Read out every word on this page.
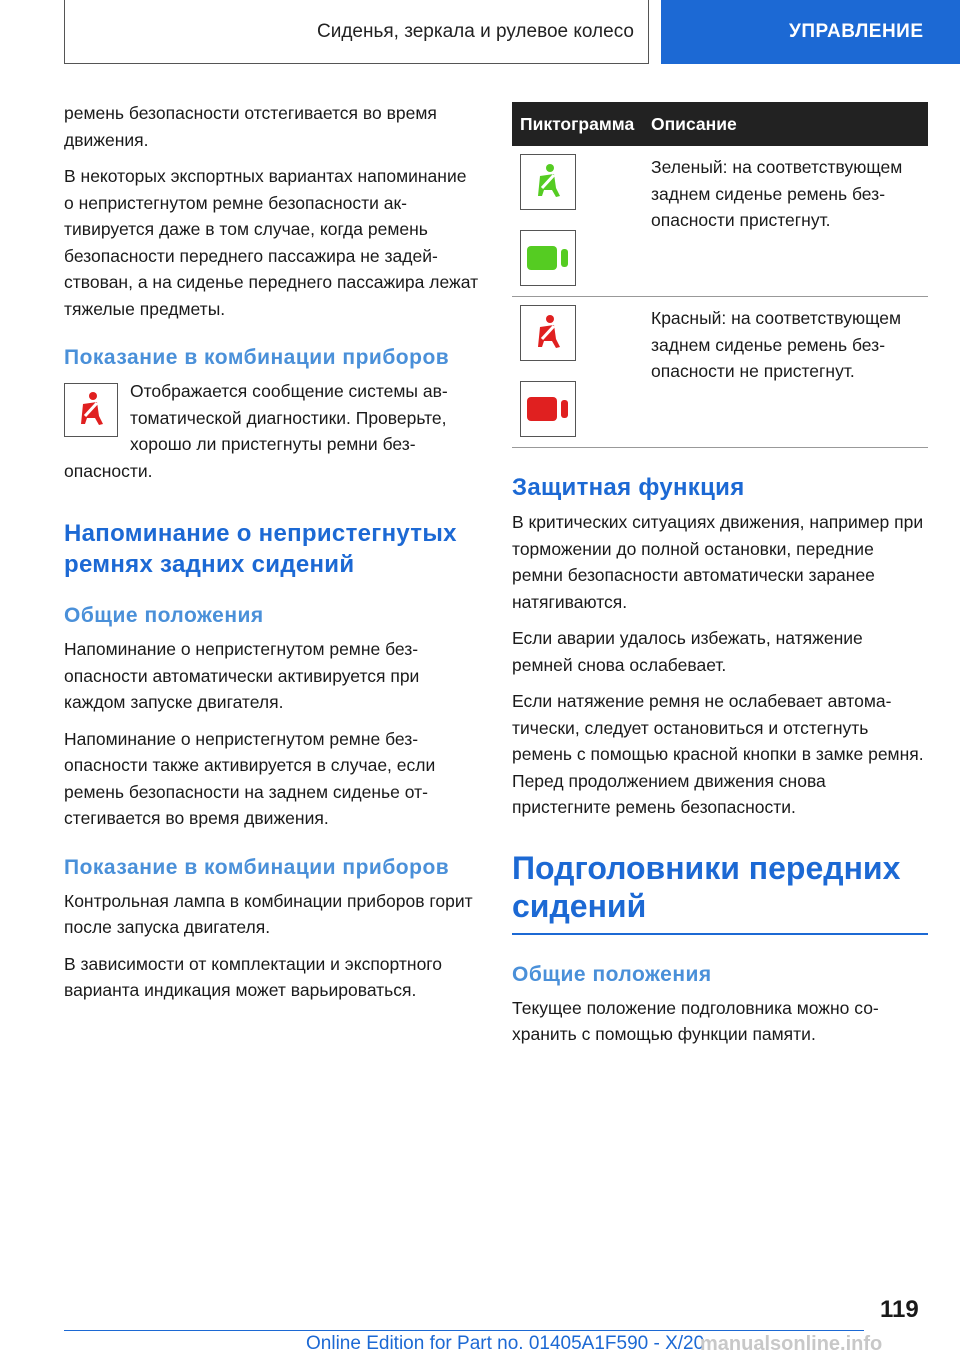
Сиденья, зеркала и рулевое колесо	УПРАВЛЕНИЕ

ремень безопасности отстегивается во время движения.

В некоторых экспортных вариантах напоминание о непристегнутом ремне безопасности активируется даже в том случае, когда ремень безопасности переднего пассажира не задействован, а на сиденье переднего пассажира лежат тяжелые предметы.

Показание в комбинации приборов

Отображается сообщение системы автоматической диагностики. Проверьте, хорошо ли пристегнуты ремни безопасности.

Напоминание о непристегнутых ремнях задних сидений
Общие положения

Напоминание о непристегнутом ремне безопасности автоматически активируется при каждом запуске двигателя.

Напоминание о непристегнутом ремне безопасности также активируется в случае, если ремень безопасности на заднем сиденье отстегивается во время движения.

Показание в комбинации приборов

Контрольная лампа в комбинации приборов горит после запуска двигателя.

В зависимости от комплектации и экспортного варианта индикация может варьироваться.

Пиктограмма	Описание

	Зеленый: на соответствующем заднем сиденье ремень безопасности пристегнут.

	Красный: на соответствующем заднем сиденье ремень безопасности не пристегнут.
Защитная функция

В критических ситуациях движения, например при торможении до полной остановки, передние ремни безопасности автоматически заранее натягиваются.

Если аварии удалось избежать, натяжение ремней снова ослабевает.

Если натяжение ремня не ослабевает автоматически, следует остановиться и отстегнуть ремень с помощью красной кнопки в замке ремня. Перед продолжением движения снова пристегните ремень безопасности.

Подголовники передних сидений
Общие положения

Текущее положение подголовника можно сохранить с помощью функции памяти.

119
Online Edition for Part no. 01405A1F590 - X/20
manualsonline.info
